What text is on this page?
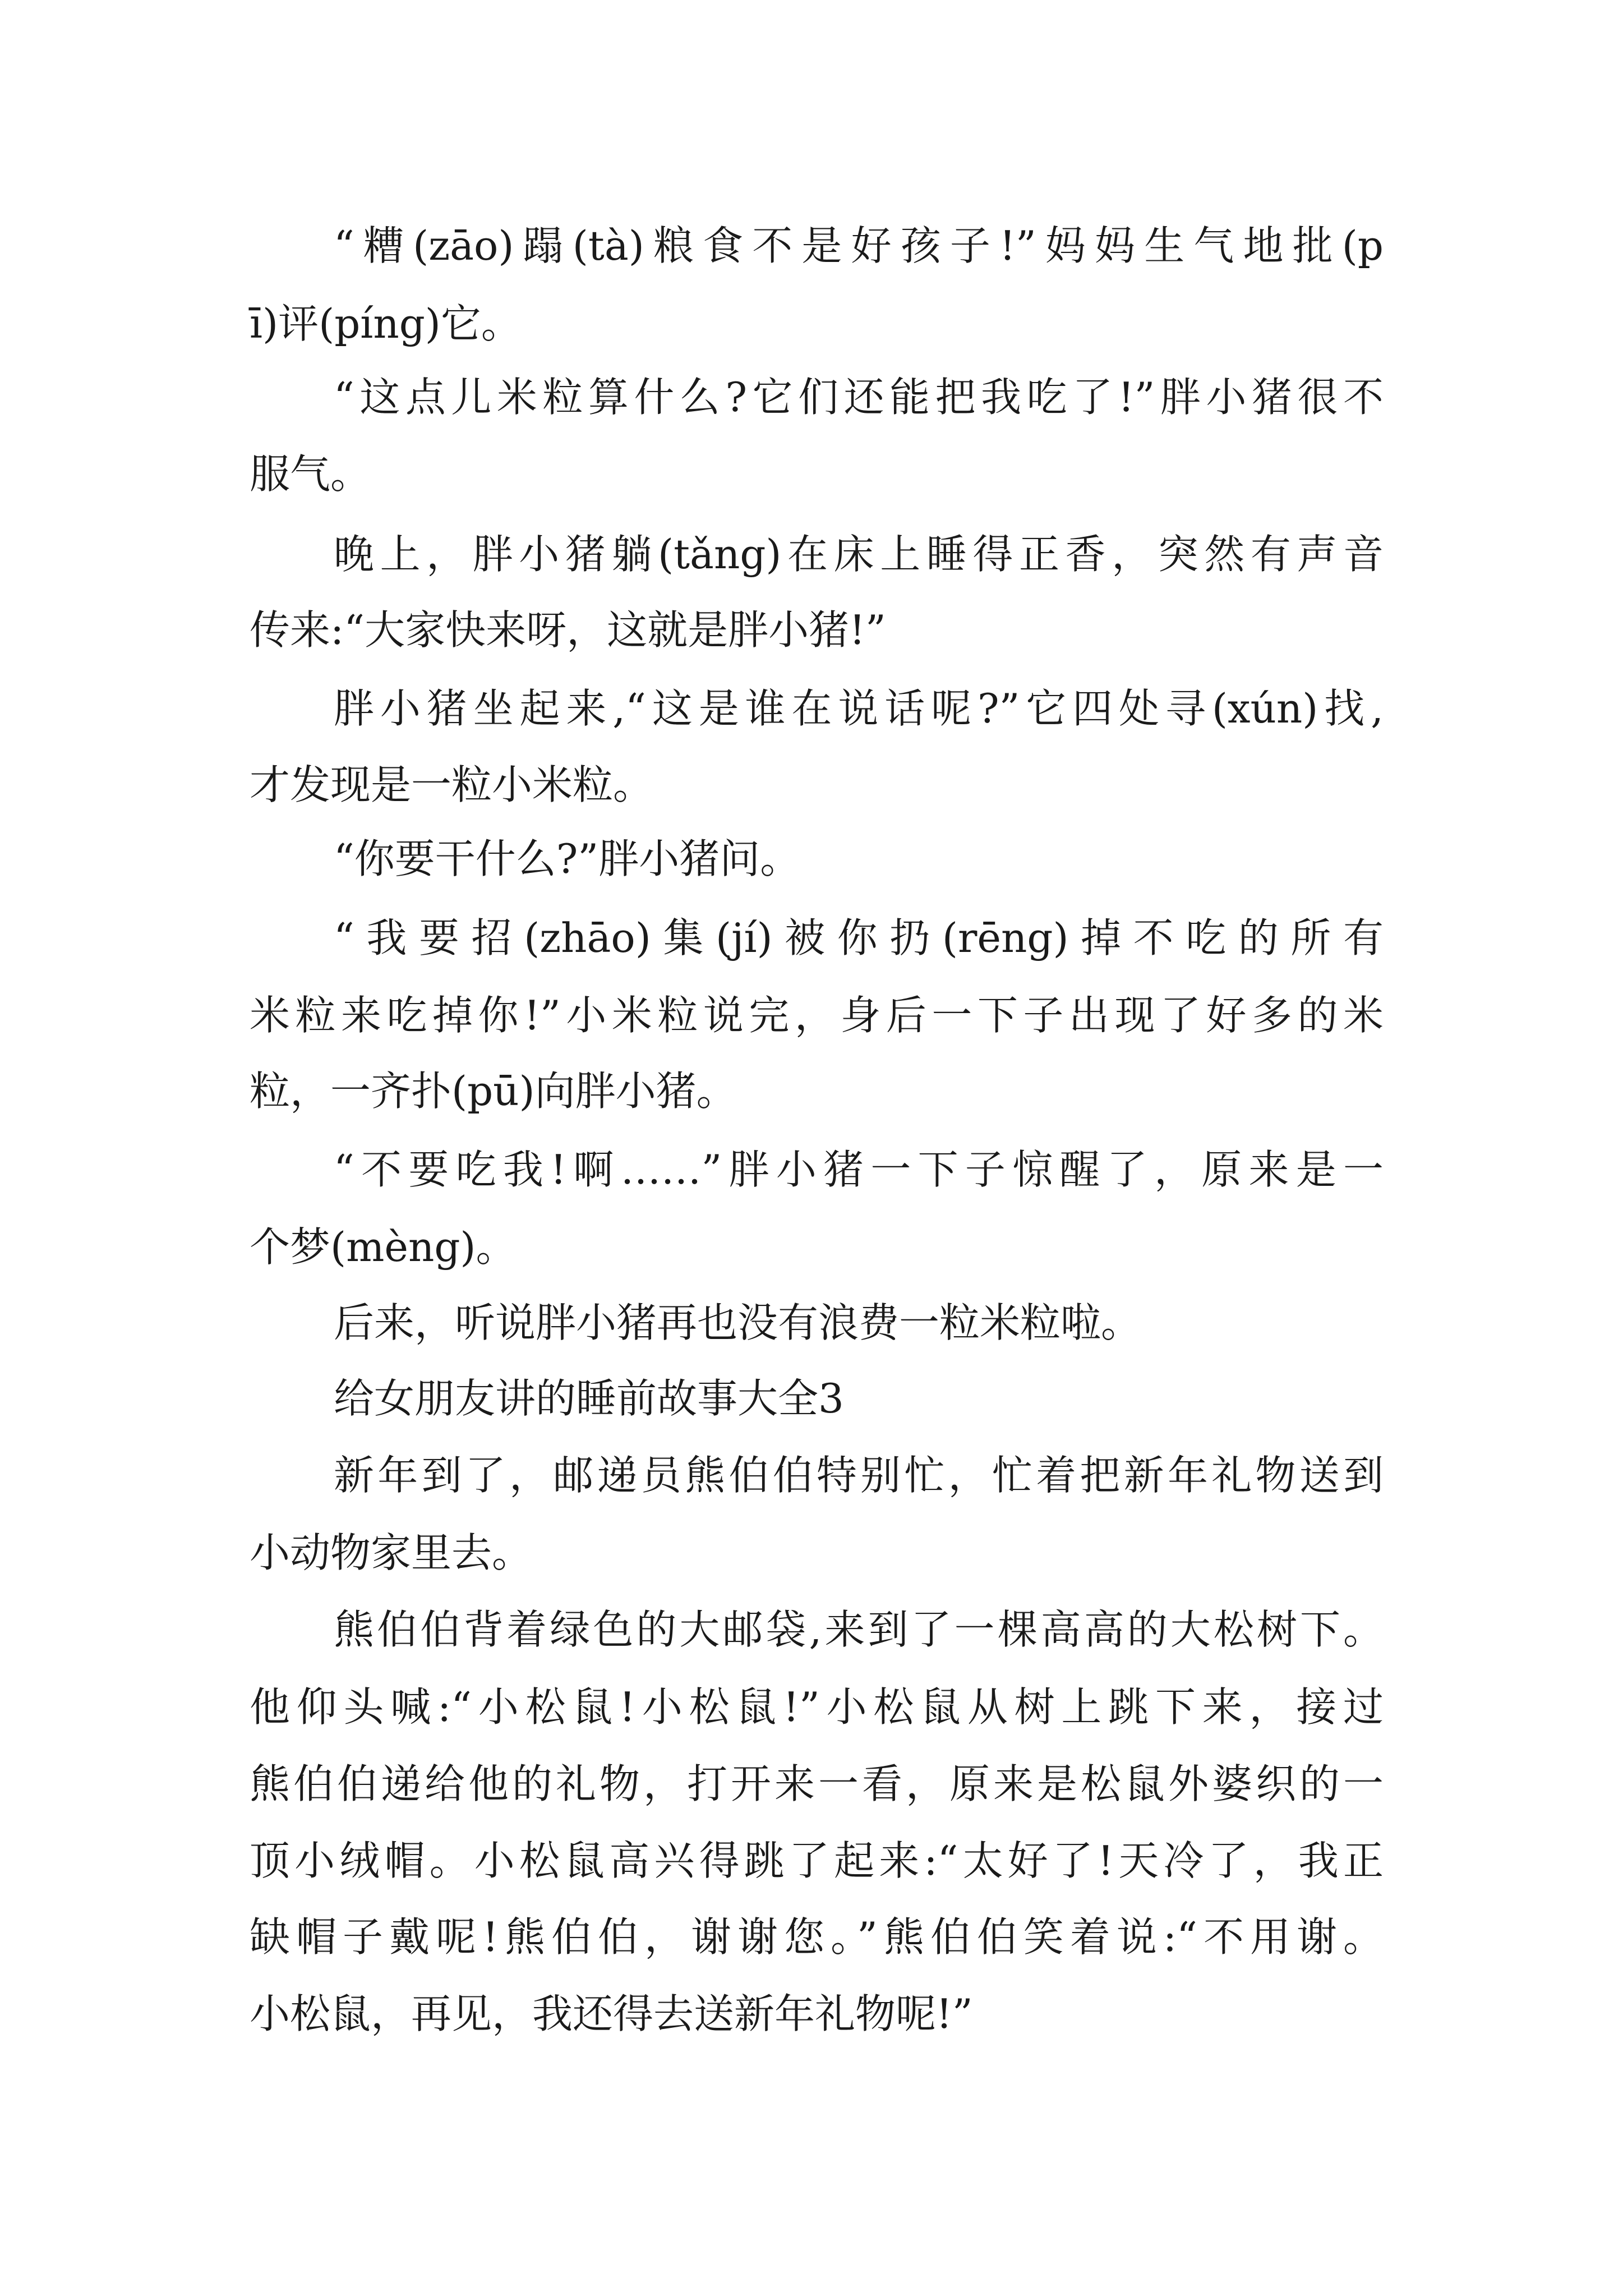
“糟(zāo)蹋(tà)粮食不是好孩子!”妈妈生气地批(p

ī)评(píng)它。

“这点儿米粒算什么?它们还能把我吃了!”胖小猪很不

服气。

晚上，胖小猪躺(tǎng)在床上睡得正香，突然有声音

传来:“大家快来呀，这就是胖小猪!”

胖小猪坐起来,“这是谁在说话呢?”它四处寻(xún)找,

才发现是一粒小米粒。

“你要干什么?”胖小猪问。

“我要招(zhāo)集(jí)被你扔(rēng)掉不吃的所有

米粒来吃掉你!”小米粒说完，身后一下子出现了好多的米

粒，一齐扑(pū)向胖小猪。

“不要吃我!啊……”胖小猪一下子惊醒了，原来是一

个梦(mèng)。

后来，听说胖小猪再也没有浪费一粒米粒啦。

给女朋友讲的睡前故事大全3

新年到了，邮递员熊伯伯特别忙，忙着把新年礼物送到

小动物家里去。

熊伯伯背着绿色的大邮袋,来到了一棵高高的大松树下。

他仰头喊:“小松鼠!小松鼠!”小松鼠从树上跳下来，接过

熊伯伯递给他的礼物，打开来一看，原来是松鼠外婆织的一

顶小绒帽。小松鼠高兴得跳了起来:“太好了!天冷了，我正

缺帽子戴呢!熊伯伯，谢谢您。”熊伯伯笑着说:“不用谢。

小松鼠，再见，我还得去送新年礼物呢!”
